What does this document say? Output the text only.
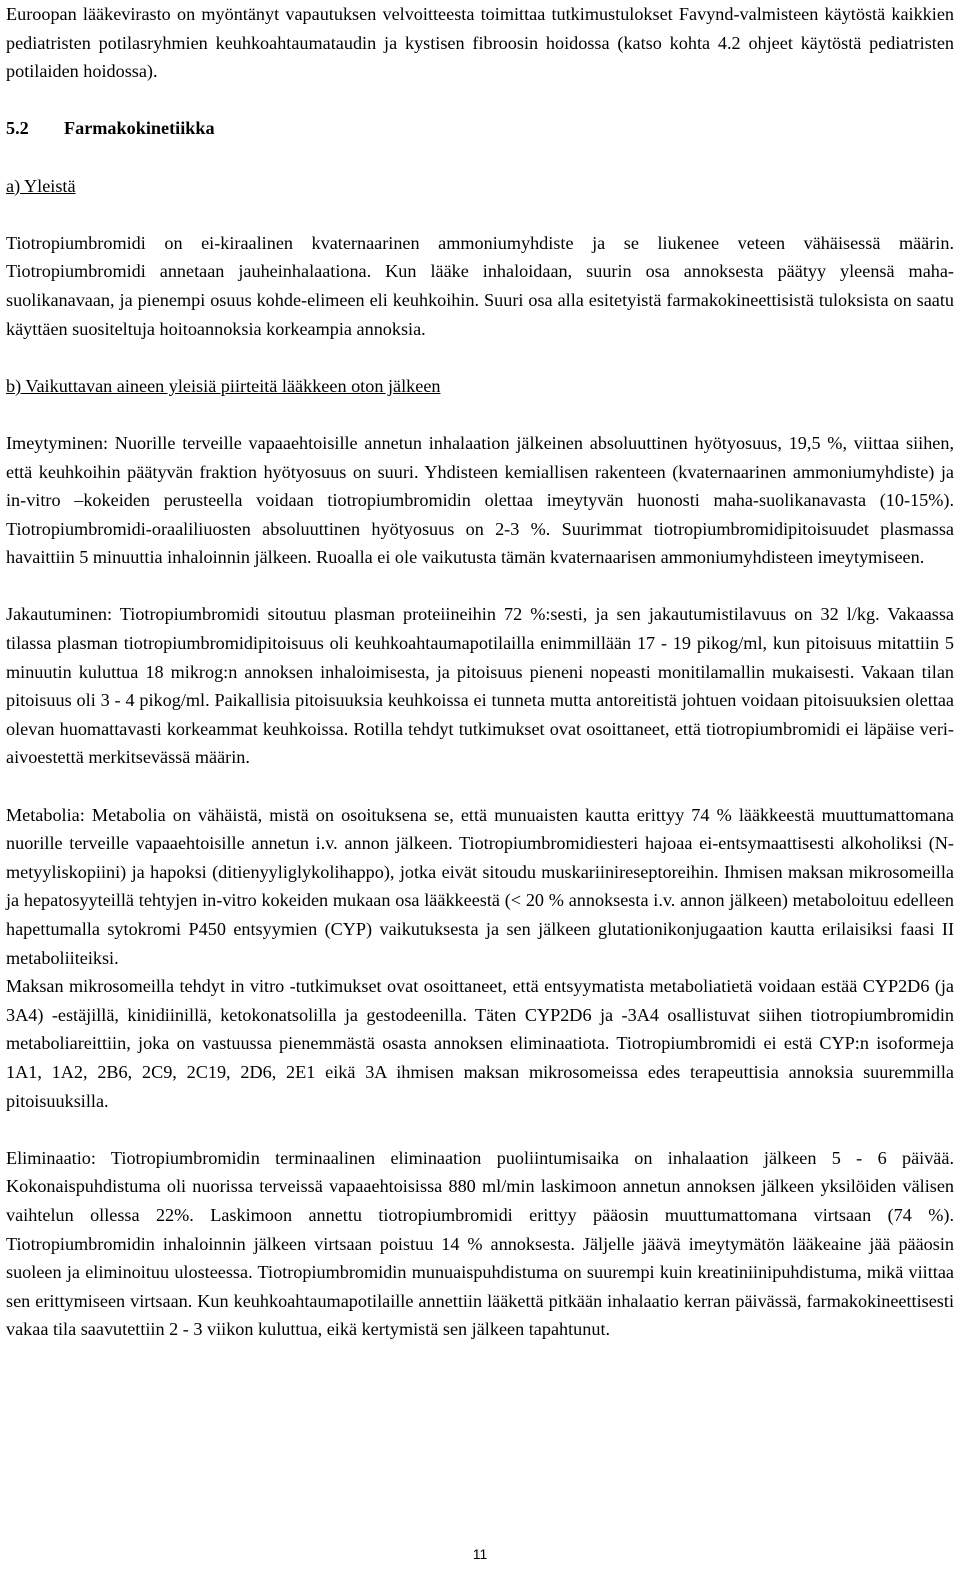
Euroopan lääkevirasto on myöntänyt vapautuksen velvoitteesta toimittaa tutkimustulokset Favynd-valmisteen käytöstä kaikkien pediatristen potilasryhmien keuhkoahtaumataudin ja kystisen fibroosin hoidossa (katso kohta 4.2 ohjeet käytöstä pediatristen potilaiden hoidossa).

5.2 Farmakokinetiikka

a) Yleistä

Tiotropiumbromidi on ei-kiraalinen kvaternaarinen ammoniumyhdiste ja se liukenee veteen vähäisessä määrin. Tiotropiumbromidi annetaan jauheinhalaationa. Kun lääke inhaloidaan, suurin osa annoksesta päätyy yleensä maha-suolikanavaan, ja pienempi osuus kohde-elimeen eli keuhkoihin. Suuri osa alla esitetyistä farmakokineettisistä tuloksista on saatu käyttäen suositeltuja hoitoannoksia korkeampia annoksia.

b) Vaikuttavan aineen yleisiä piirteitä lääkkeen oton jälkeen

Imeytyminen: Nuorille terveille vapaaehtoisille annetun inhalaation jälkeinen absoluuttinen hyötyosuus, 19,5 %, viittaa siihen, että keuhkoihin päätyvän fraktion hyötyosuus on suuri. Yhdisteen kemiallisen rakenteen (kvaternaarinen ammoniumyhdiste) ja in-vitro –kokeiden perusteella voidaan tiotropiumbromidin olettaa imeytyvän huonosti maha-suolikanavasta (10-15%). Tiotropiumbromidi-oraaliliuosten absoluuttinen hyötyosuus on 2-3 %. Suurimmat tiotropiumbromidipitoisuudet plasmassa havaittiin 5 minuuttia inhaloinnin jälkeen. Ruoalla ei ole vaikutusta tämän kvaternaarisen ammoniumyhdisteen imeytymiseen.

Jakautuminen: Tiotropiumbromidi sitoutuu plasman proteiineihin 72 %:sesti, ja sen jakautumistilavuus on 32 l/kg. Vakaassa tilassa plasman tiotropiumbromidipitoisuus oli keuhkoahtaumapotilailla enimmillään 17 - 19 pikog/ml, kun pitoisuus mitattiin 5 minuutin kuluttua 18 mikrog:n annoksen inhaloimisesta, ja pitoisuus pieneni nopeasti monitilamallin mukaisesti. Vakaan tilan pitoisuus oli 3 - 4 pikog/ml. Paikallisia pitoisuuksia keuhkoissa ei tunneta mutta antoreitistä johtuen voidaan pitoisuuksien olettaa olevan huomattavasti korkeammat keuhkoissa. Rotilla tehdyt tutkimukset ovat osoittaneet, että tiotropiumbromidi ei läpäise veri-aivoestettä merkitsevässä määrin.

Metabolia: Metabolia on vähäistä, mistä on osoituksena se, että munuaisten kautta erittyy 74 % lääkkeestä muuttumattomana nuorille terveille vapaaehtoisille annetun i.v. annon jälkeen. Tiotropiumbromidiesteri hajoaa ei-entsymaattisesti alkoholiksi (N-metyyliskopiini) ja hapoksi (ditienyyliglykolihappo), jotka eivät sitoudu muskariinireseptoreihin. Ihmisen maksan mikrosomeilla ja hepatosyyteillä tehtyjen in-vitro kokeiden mukaan osa lääkkeestä (< 20 % annoksesta i.v. annon jälkeen) metaboloituu edelleen hapettumalla sytokromi P450 entsyymien (CYP) vaikutuksesta ja sen jälkeen glutationikonjugaation kautta erilaisiksi faasi II metaboliiteiksi.

Maksan mikrosomeilla tehdyt in vitro -tutkimukset ovat osoittaneet, että entsyymatista metaboliatietä voidaan estää CYP2D6 (ja 3A4) -estäjillä, kinidiinillä, ketokonatsolilla ja gestodeenilla. Täten CYP2D6 ja -3A4 osallistuvat siihen tiotropiumbromidin metaboliareittiin, joka on vastuussa pienemmästä osasta annoksen eliminaatiota. Tiotropiumbromidi ei estä CYP:n isoformeja 1A1, 1A2, 2B6, 2C9, 2C19, 2D6, 2E1 eikä 3A ihmisen maksan mikrosomeissa edes terapeuttisia annoksia suuremmilla pitoisuuksilla.

Eliminaatio: Tiotropiumbromidin terminaalinen eliminaation puoliintumisaika on inhalaation jälkeen 5 - 6 päivää. Kokonaispuhdistuma oli nuorissa terveissä vapaaehtoisissa 880 ml/min laskimoon annetun annoksen jälkeen yksilöiden välisen vaihtelun ollessa 22%. Laskimoon annettu tiotropiumbromidi erittyy pääosin muuttumattomana virtsaan (74 %). Tiotropiumbromidin inhaloinnin jälkeen virtsaan poistuu 14 % annoksesta. Jäljelle jäävä imeytymätön lääkeaine jää pääosin suoleen ja eliminoituu ulosteessa. Tiotropiumbromidin munuaispuhdistuma on suurempi kuin kreatiniinipuhdistuma, mikä viittaa sen erittymiseen virtsaan. Kun keuhkoahtaumapotilaille annettiin lääkettä pitkään inhalaatio kerran päivässä, farmakokineettisesti vakaa tila saavutettiin 2 - 3 viikon kuluttua, eikä kertymistä sen jälkeen tapahtunut.

11
